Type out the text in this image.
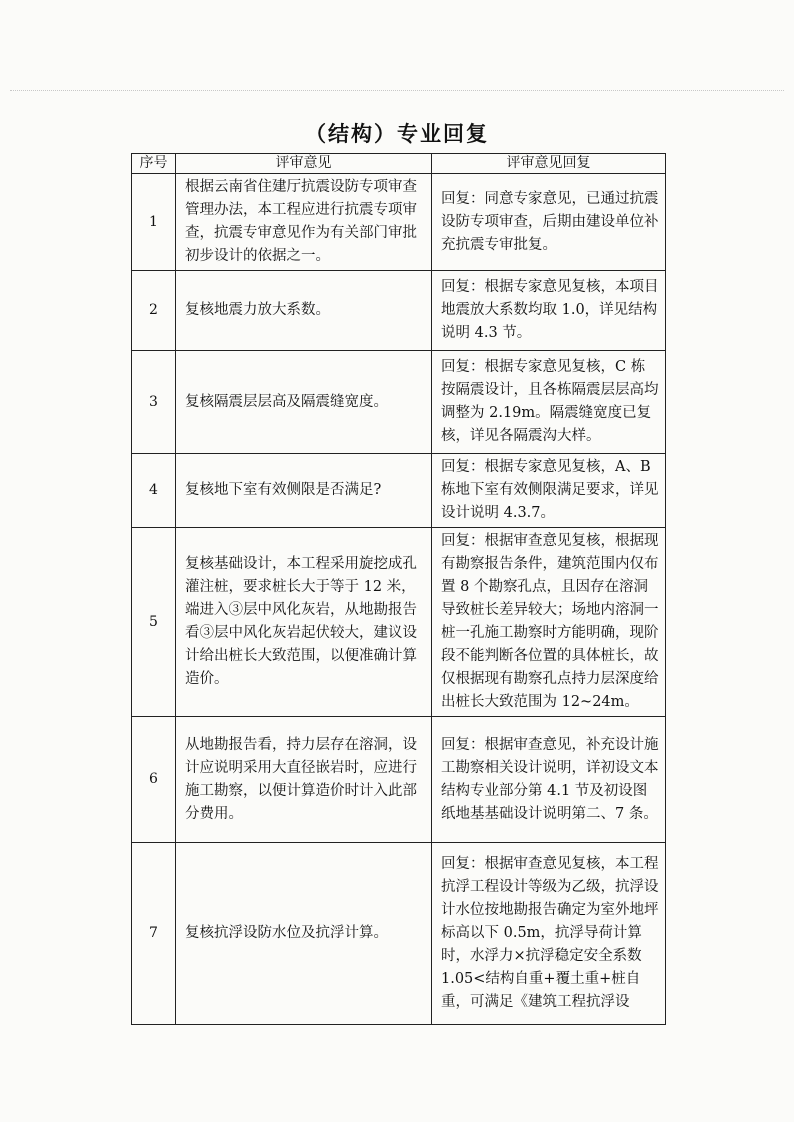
（结构）专业回复
序号	评审意见	评审意见回复
1	根据云南省住建厅抗震设防专项审查管理办法，本工程应进行抗震专项审查，抗震专审意见作为有关部门审批初步设计的依据之一。	回复：同意专家意见，已通过抗震设防专项审查，后期由建设单位补充抗震专审批复。
2	复核地震力放大系数。	回复：根据专家意见复核，本项目地震放大系数均取 1.0，详见结构说明 4.3 节。
3	复核隔震层层高及隔震缝宽度。	回复：根据专家意见复核，C 栋按隔震设计，且各栋隔震层层高均调整为 2.19m。隔震缝宽度已复核，详见各隔震沟大样。
4	复核地下室有效侧限是否满足?	回复：根据专家意见复核，A、B 栋地下室有效侧限满足要求，详见设计说明 4.3.7。
5	复核基础设计，本工程采用旋挖成孔灌注桩，要求桩长大于等于 12 米，端进入③层中风化灰岩，从地勘报告看③层中风化灰岩起伏较大，建议设计给出桩长大致范围，以便准确计算造价。	回复：根据审查意见复核，根据现有勘察报告条件，建筑范围内仅布置 8 个勘察孔点，且因存在溶洞导致桩长差异较大；场地内溶洞一桩一孔施工勘察时方能明确，现阶段不能判断各位置的具体桩长，故仅根据现有勘察孔点持力层深度给出桩长大致范围为 12~24m。
6	从地勘报告看，持力层存在溶洞，设计应说明采用大直径嵌岩时，应进行施工勘察，以便计算造价时计入此部分费用。	回复：根据审查意见，补充设计施工勘察相关设计说明，详初设文本结构专业部分第 4.1 节及初设图纸地基基础设计说明第二、7 条。
7	复核抗浮设防水位及抗浮计算。	回复：根据审查意见复核，本工程抗浮工程设计等级为乙级，抗浮设计水位按地勘报告确定为室外地坪标高以下 0.5m，抗浮导荷计算时，水浮力×抗浮稳定安全系数 1.05<结构自重+覆土重+桩自重，可满足《建筑工程抗浮设
